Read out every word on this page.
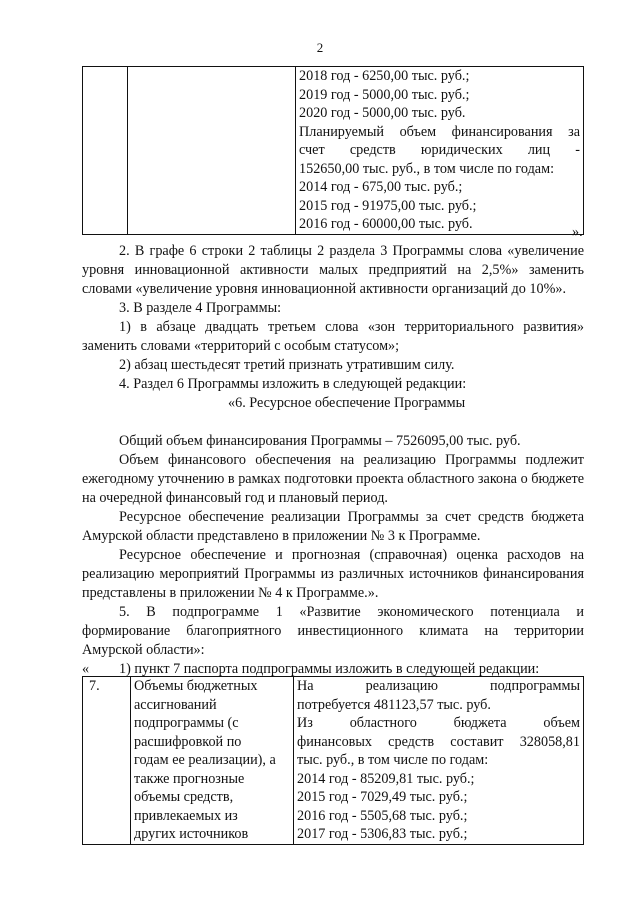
2

2018 год - 6250,00 тыс. руб.;
2019 год - 5000,00 тыс. руб.;
2020 год - 5000,00 тыс. руб.
Планируемый объем финансирования за
счет средств юридических лиц -
152650,00 тыс. руб., в том числе по годам:
2014 год - 675,00 тыс. руб.;
2015 год - 91975,00 тыс. руб.;
2016 год - 60000,00 тыс. руб.	».

2. В графе 6 строки 2 таблицы 2 раздела 3 Программы слова «увеличение уровня инновационной активности малых предприятий на 2,5%» заменить словами «увеличение уровня инновационной активности организаций до 10%».

3. В разделе 4 Программы:

1) в абзаце двадцать третьем слова «зон территориального развития» заменить словами «территорий с особым статусом»;

2) абзац шестьдесят третий признать утратившим силу.

4. Раздел 6 Программы изложить в следующей редакции:

«6. Ресурсное обеспечение Программы

Общий объем финансирования Программы – 7526095,00 тыс. руб.

Объем финансового обеспечения на реализацию Программы подлежит ежегодному уточнению в рамках подготовки проекта областного закона о бюджете на очередной финансовый год и плановый период.

Ресурсное обеспечение реализации Программы за счет средств бюджета Амурской области представлено в приложении № 3 к Программе.

Ресурсное обеспечение и прогнозная (справочная) оценка расходов на реализацию мероприятий Программы из различных источников финансирования представлены в приложении № 4 к Программе.».

5. В подпрограмме 1 «Развитие экономического потенциала и формирование благоприятного инвестиционного климата на территории Амурской области»:

1) пункт 7 паспорта подпрограммы изложить в следующей редакции:

«
7.	Объемы бюджетных
ассигнований
подпрограммы (с
расшифровкой по
годам ее реализации), а
также прогнозные
объемы средств,
привлекаемых из
других источников

На реализацию подпрограммы
потребуется 481123,57 тыс. руб.
Из областного бюджета объем
финансовых средств составит 328058,81
тыс. руб., в том числе по годам:
2014 год - 85209,81 тыс. руб.;
2015 год - 7029,49 тыс. руб.;
2016 год - 5505,68 тыс. руб.;
2017 год - 5306,83 тыс. руб.;
